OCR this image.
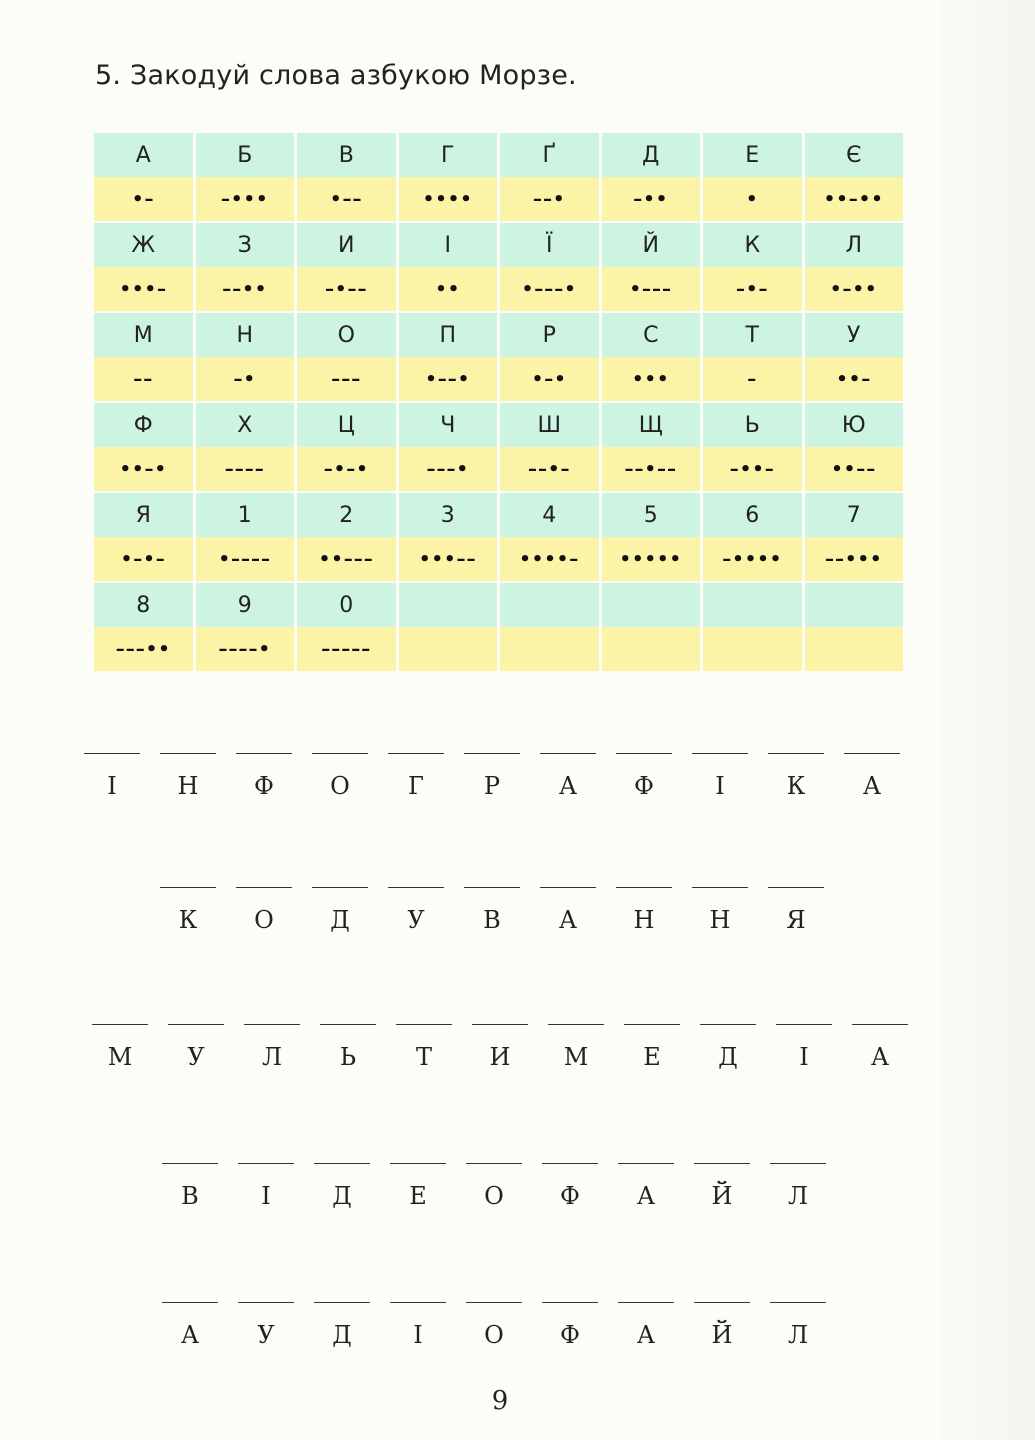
5. Закодуй слова азбукою Морзе.
А	Б	В	Г	Ґ	Д	Е	Є
•–	–•••	•––	••••	––•	–••	•	••–••
Ж	З	И	І	Ї	Й	К	Л
•••–	––••	–•––	••	•–––•	•–––	–•–	•–••
М	Н	О	П	Р	С	Т	У
––	–•	–––	•––•	•–•	•••	–	••–
Ф	Х	Ц	Ч	Ш	Щ	Ь	Ю
••–•	––––	–•–•	–––•	––•–	––•––	–••–	••––
Я	1	2	3	4	5	6	7
•–•–	•––––	••–––	•••––	••••–	•••••	–••••	––•••
8	9	0
–––••	––––•	–––––
І	Н Ф О Г Р А Ф	І	К А
К О Д У В А Н Н Я
М У Л Ь Т И М Е Д	І	А
В	І	Д Е О Ф А Й Л
А У Д	І	О Ф А Й Л
9
